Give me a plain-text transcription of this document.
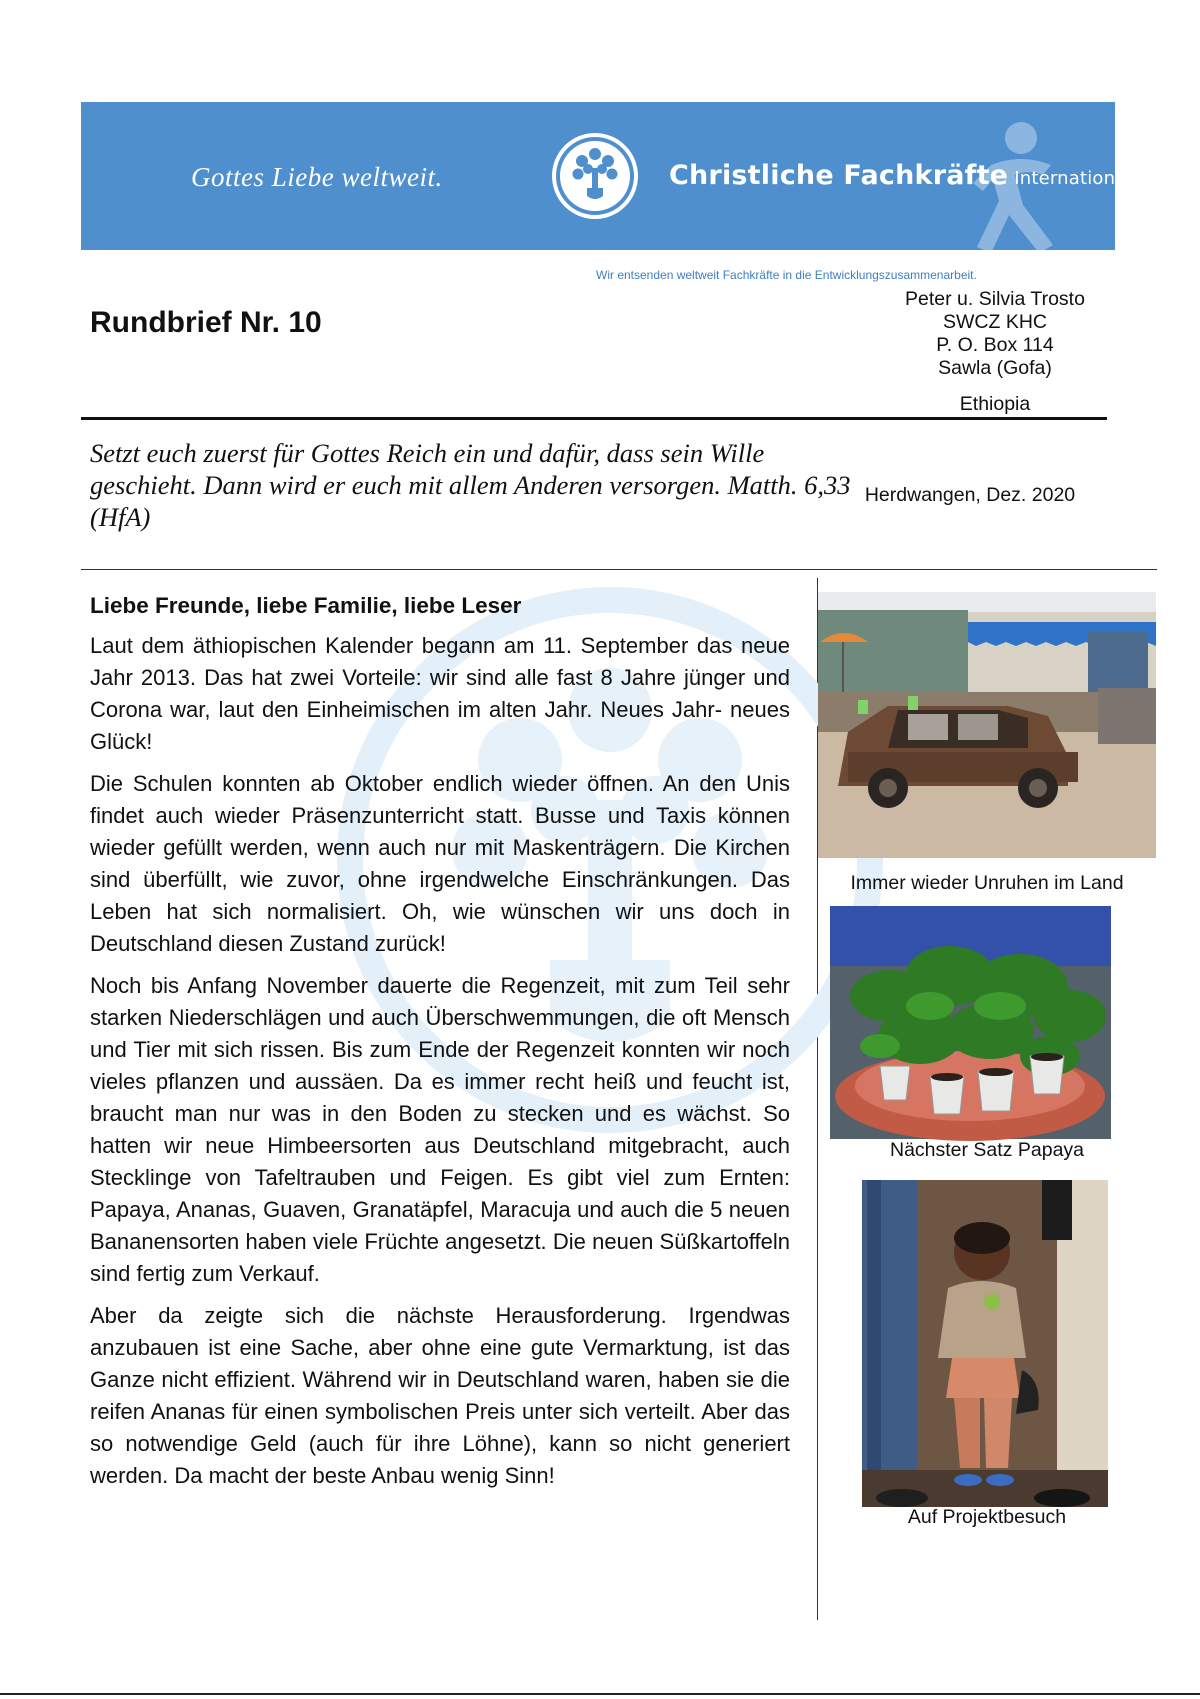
Gottes Liebe weltweit.	Christliche Fachkräfte International
Wir entsenden weltweit Fachkräfte in die Entwicklungszusammenarbeit.
Rundbrief Nr. 10
Peter u. Silvia Trosto
SWCZ KHC
P. O. Box 114
Sawla (Gofa)
Ethiopia
Setzt euch zuerst für Gottes Reich ein und dafür, dass sein Wille geschieht. Dann wird er euch mit allem Anderen versorgen. Matth. 6,33 (HfA)
Herdwangen, Dez. 2020
Liebe Freunde, liebe Familie, liebe Leser

Laut dem äthiopischen Kalender begann am 11. September das neue Jahr 2013. Das hat zwei Vorteile: wir sind alle fast 8 Jahre jünger und Corona war, laut den Einheimischen im alten Jahr. Neues Jahr- neues Glück!

Die Schulen konnten ab Oktober endlich wieder öffnen. An den Unis findet auch wieder Präsenzunterricht statt. Busse und Taxis können wieder gefüllt werden, wenn auch nur mit Maskenträgern. Die Kirchen sind überfüllt, wie zuvor, ohne irgendwelche Einschränkungen. Das Leben hat sich normalisiert. Oh, wie wünschen wir uns doch in Deutschland diesen Zustand zurück!

Noch bis Anfang November dauerte die Regenzeit, mit zum Teil sehr starken Niederschlägen und auch Überschwemmungen, die oft Mensch und Tier mit sich rissen. Bis zum Ende der Regenzeit konnten wir noch vieles pflanzen und aussäen. Da es immer recht heiß und feucht ist, braucht man nur was in den Boden zu stecken und es wächst. So hatten wir neue Himbeersorten aus Deutschland mitgebracht, auch Stecklinge von Tafeltrauben und Feigen. Es gibt viel zum Ernten: Papaya, Ananas, Guaven, Granatäpfel, Maracuja und auch die 5 neuen Bananensorten haben viele Früchte angesetzt. Die neuen Süßkartoffeln sind fertig zum Verkauf.

Aber da zeigte sich die nächste Herausforderung. Irgendwas anzubauen ist eine Sache, aber ohne eine gute Vermarktung, ist das Ganze nicht effizient. Während wir in Deutschland waren, haben sie die reifen Ananas für einen symbolischen Preis unter sich verteilt. Aber das so notwendige Geld (auch für ihre Löhne), kann so nicht generiert werden. Da macht der beste Anbau wenig Sinn!

Immer wieder Unruhen im Land
Nächster Satz Papaya
Auf Projektbesuch
